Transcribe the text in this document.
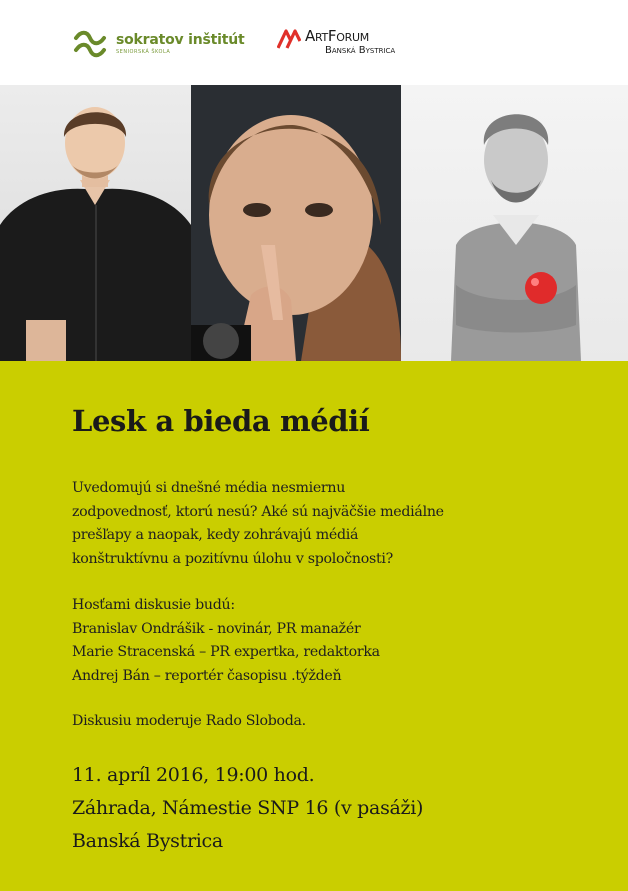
sokratov inštitút
SENIORSKÁ ŠKOLA
ArtForum
Banská Bystrica
Lesk a bieda médií

Uvedomujú si dnešné média nesmiernu
zodpovednosť, ktorú nesú? Aké sú najväčšie mediálne
prešľapy a naopak, kedy zohrávajú médiá
konštruktívnu a pozitívnu úlohu v spoločnosti?

Hosťami diskusie budú:
Branislav Ondrášik - novinár, PR manažér
Marie Stracenská – PR expertka, redaktorka
Andrej Bán – reportér časopisu .týždeň

Diskusiu moderuje Rado Sloboda.

11. apríl 2016, 19:00 hod.
Záhrada, Námestie SNP 16 (v pasáži)
Banská Bystrica
